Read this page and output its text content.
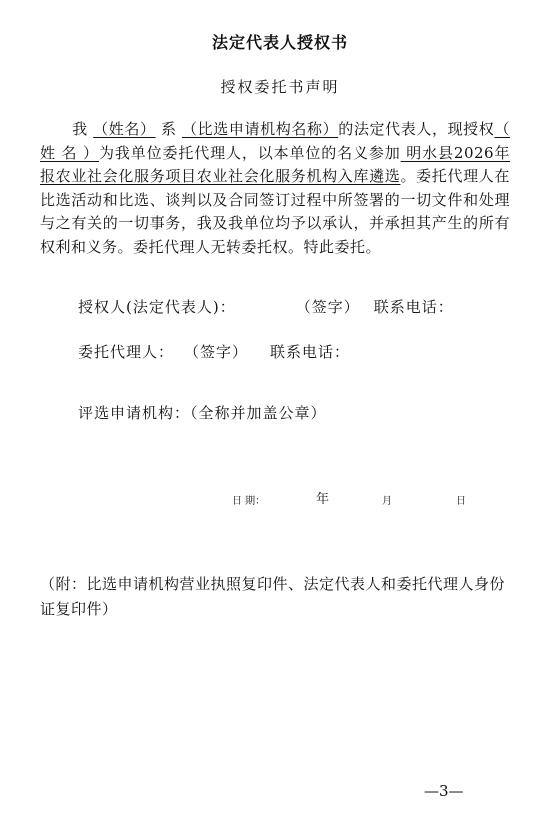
法定代表人授权书
授权委托书声明
我 （姓名） 系 （比选申请机构名称）的法定代表人，现授权（ 姓 名 ）为我单位委托代理人，以本单位的名义参加 明水县2026年报农业社会化服务项目农业社会化服务机构入库遴选。委托代理人在比选活动和比选、谈判以及合同签订过程中所签署的一切文件和处理与之有关的一切事务，我及我单位均予以承认，并承担其产生的所有权利和义务。委托代理人无转委托权。特此委托。
授权人(法定代表人)：	（签字） 联系电话：
委托代理人： （签字） 联系电话：
评选申请机构：（全称并加盖公章）
日 期：	年	月	日
（附：比选申请机构营业执照复印件、法定代表人和委托代理人身份证复印件）
—3—
